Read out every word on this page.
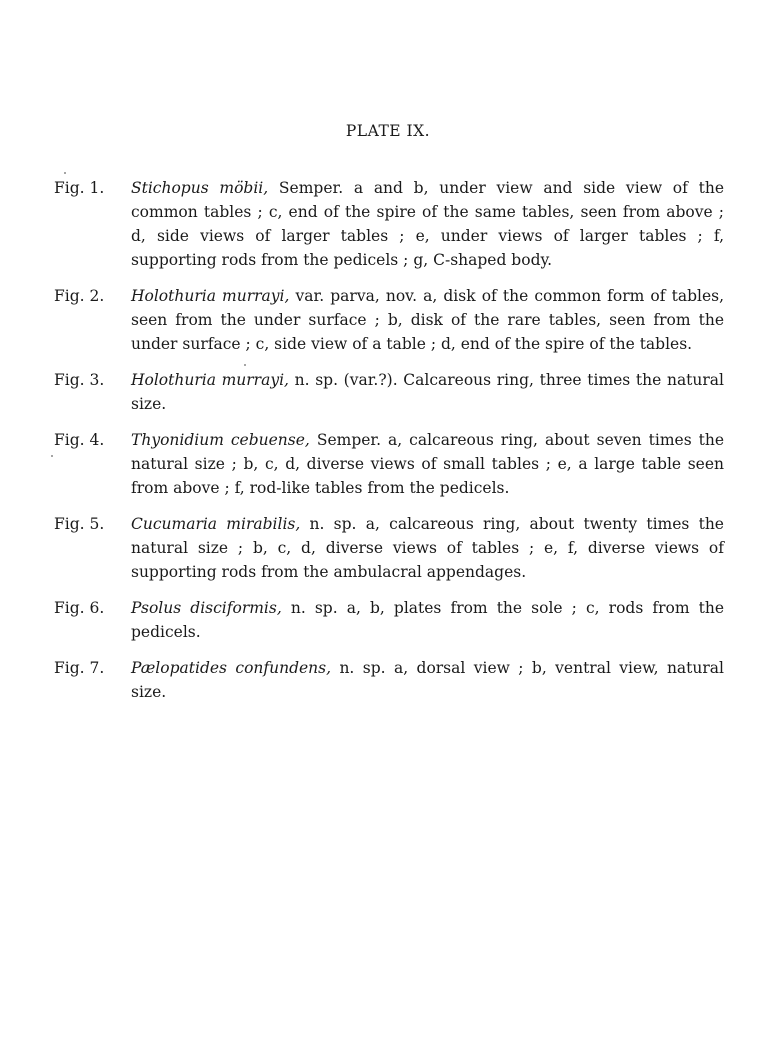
PLATE IX.
Fig. 1. Stichopus möbii, Semper. a and b, under view and side view of the common tables ; c, end of the spire of the same tables, seen from above ; d, side views of larger tables ; e, under views of larger tables ; f, supporting rods from the pedicels ; g, C-shaped body.
Fig. 2. Holothuria murrayi, var. parva, nov. a, disk of the common form of tables, seen from the under surface ; b, disk of the rare tables, seen from the under surface ; c, side view of a table ; d, end of the spire of the tables.
Fig. 3. Holothuria murrayi, n. sp. (var.?). Calcareous ring, three times the natural size.
Fig. 4. Thyonidium cebuense, Semper. a, calcareous ring, about seven times the natural size ; b, c, d, diverse views of small tables ; e, a large table seen from above ; f, rod-like tables from the pedicels.
Fig. 5. Cucumaria mirabilis, n. sp. a, calcareous ring, about twenty times the natural size ; b, c, d, diverse views of tables ; e, f, diverse views of supporting rods from the ambulacral appendages.
Fig. 6. Psolus disciformis, n. sp. a, b, plates from the sole ; c, rods from the pedicels.
Fig. 7. Pælopatides confundens, n. sp. a, dorsal view ; b, ventral view, natural size.
